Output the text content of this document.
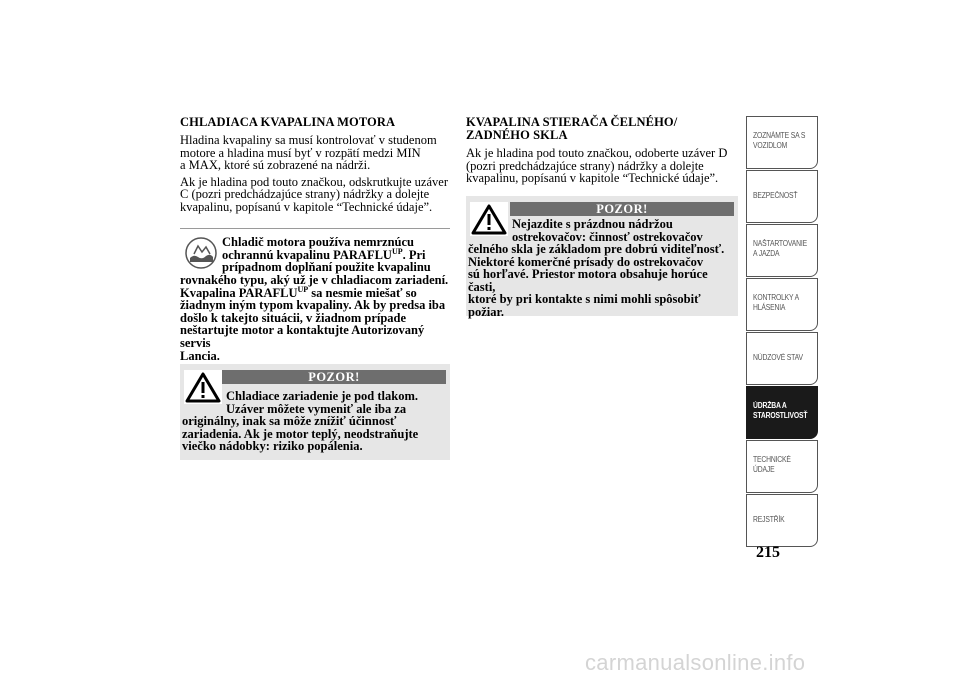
CHLADIACA KVAPALINA MOTORA

Hladina kvapaliny sa musí kontrolovať v studenom

motore a hladina musí byť v rozpätí medzi MIN

a MAX, ktoré sú zobrazené na nádrži.

Ak je hladina pod touto značkou, odskrutkujte uzáver

C (pozri predchádzajúce strany) nádržky a dolejte

kvapalinu, popísanú v kapitole “Technické údaje”.

Chladič motora používa nemrznúcu
ochrannú kvapalinu $PARAFLU^{UP}$. Pri
prípadnom doplňaní použite kvapalinu
rovnakého typu, aký už je v chladiacom zariadení.
Kvapalina $PARAFLU^{UP}$ sa nesmie miešať so
žiadnym iným typom kvapaliny. Ak by predsa iba
došlo k takejto situácii, v žiadnom prípade
neštartujte motor a kontaktujte Autorizovaný servis
Lancia.
POZOR!
Chladiace zariadenie je pod tlakom.
Uzáver môžete vymeniť ale iba za
originálny, inak sa môže znížiť účinnosť
zariadenia. Ak je motor teplý, neodstraňujte
viečko nádobky: riziko popálenia.
KVAPALINA STIERAČA ČELNÉHO/
ZADNÉHO SKLA

Ak je hladina pod touto značkou, odoberte uzáver D

(pozri predchádzajúce strany) nádržky a dolejte

kvapalinu, popísanú v kapitole “Technické údaje”.

POZOR!
Nejazdite s prázdnou nádržou
ostrekovačov: činnosť ostrekovačov
čelného skla je základom pre dobrú viditeľnosť.
Niektoré komerčné prísady do ostrekovačov
sú horľavé. Priestor motora obsahuje horúce časti,
ktoré by pri kontakte s nimi mohli spôsobiť
požiar.
ZOZNÁMTE SA S
VOZIDLOM
BEZPEČNOSŤ
NAŠTARTOVANIE
A JAZDA
KONTROLKY A
HLÁSENIA
NÚDZOVÉ STAV
ÚDRŽBA A
STAROSTLIVOSŤ
TECHNICKÉ
ÚDAJE
REJSTŘÍK
215
carmanualsonline.info
